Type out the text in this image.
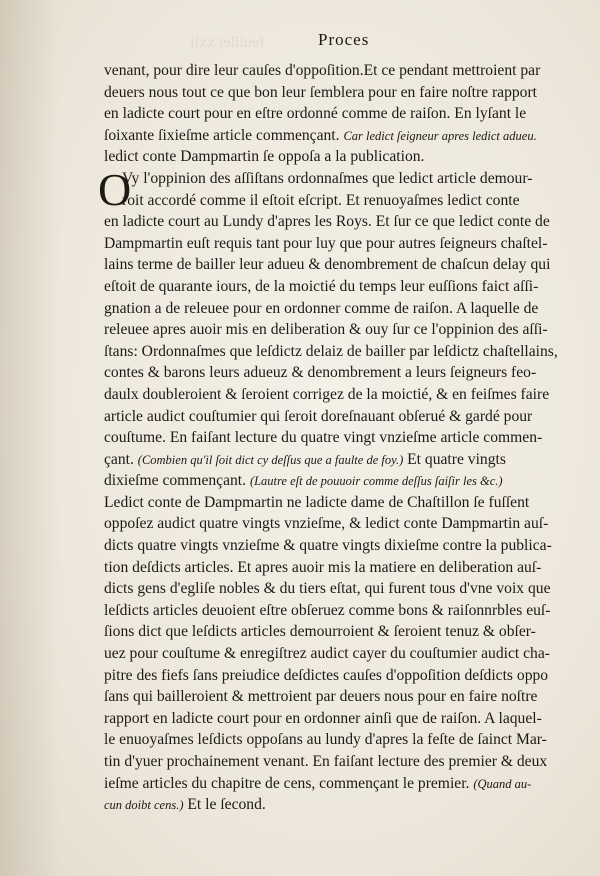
feuillet xxii	Proces
venant, pour dire leur cauſes d'oppoſition.Et ce pendant mettroient par
deuers nous tout ce que bon leur ſemblera pour en faire noſtre rapport
en ladicte court pour en eſtre ordonné comme de raiſon. En lyſant le
ſoixante ſixieſme article commençant. Car ledict ſeigneur apres ledict adueu.
ledict conte Dampmartin ſe oppoſa a la publication.
O
Vy l'oppinion des aſſiſtans ordonnaſmes que ledict article demour-
roit accordé comme il eſtoit eſcript. Et renuoyaſmes ledict conte
en ladicte court au Lundy d'apres les Roys. Et ſur ce que ledict conte de
Dampmartin euſt requis tant pour luy que pour autres ſeigneurs chaſtel-
lains terme de bailler leur adueu & denombrement de chaſcun delay qui
eſtoit de quarante iours, de la moictié du temps leur euſſions faict aſſi-
gnation a de releuee pour en ordonner comme de raiſon. A laquelle de
releuee apres auoir mis en deliberation & ouy ſur ce l'oppinion des aſſi-
ſtans: Ordonnaſmes que leſdictz delaiz de bailler par leſdictz chaſtellains,
contes & barons leurs adueuz & denombrement a leurs ſeigneurs feo-
daulx doubleroient & ſeroient corrigez de la moictié, & en feiſmes faire
article audict couſtumier qui ſeroit doreſnauant obſerué & gardé pour
couſtume. En faiſant lecture du quatre vingt vnzieſme article commen-
çant. (Combien qu'il ſoit dict cy deſſus que a faulte de foy.) Et quatre vingts
dixieſme commençant. (Lautre eſt de pouuoir comme deſſus ſaiſir les &c.)
Ledict conte de Dampmartin ne ladicte dame de Chaſtillon ſe fuſſent
oppoſez audict quatre vingts vnzieſme, & ledict conte Dampmartin auſ-
dicts quatre vingts vnzieſme & quatre vingts dixieſme contre la publica-
tion deſdicts articles. Et apres auoir mis la matiere en deliberation auſ-
dicts gens d'egliſe nobles & du tiers eſtat, qui furent tous d'vne voix que
leſdicts articles deuoient eſtre obſeruez comme bons & raiſonnrbles euſ-
ſions dict que leſdicts articles demourroient & ſeroient tenuz & obſer-
uez pour couſtume & enregiſtrez audict cayer du couſtumier audict cha-
pitre des fiefs ſans preiudice deſdictes cauſes d'oppoſition deſdicts oppo
ſans qui bailleroient & mettroient par deuers nous pour en faire noſtre
rapport en ladicte court pour en ordonner ainſi que de raiſon. A laquel-
le enuoyaſmes leſdicts oppoſans au lundy d'apres la feſte de ſainct Mar-
tin d'yuer prochainement venant. En faiſant lecture des premier & deux
ieſme articles du chapitre de cens, commençant le premier. (Quand au-
cun doibt cens.) Et le ſecond.
